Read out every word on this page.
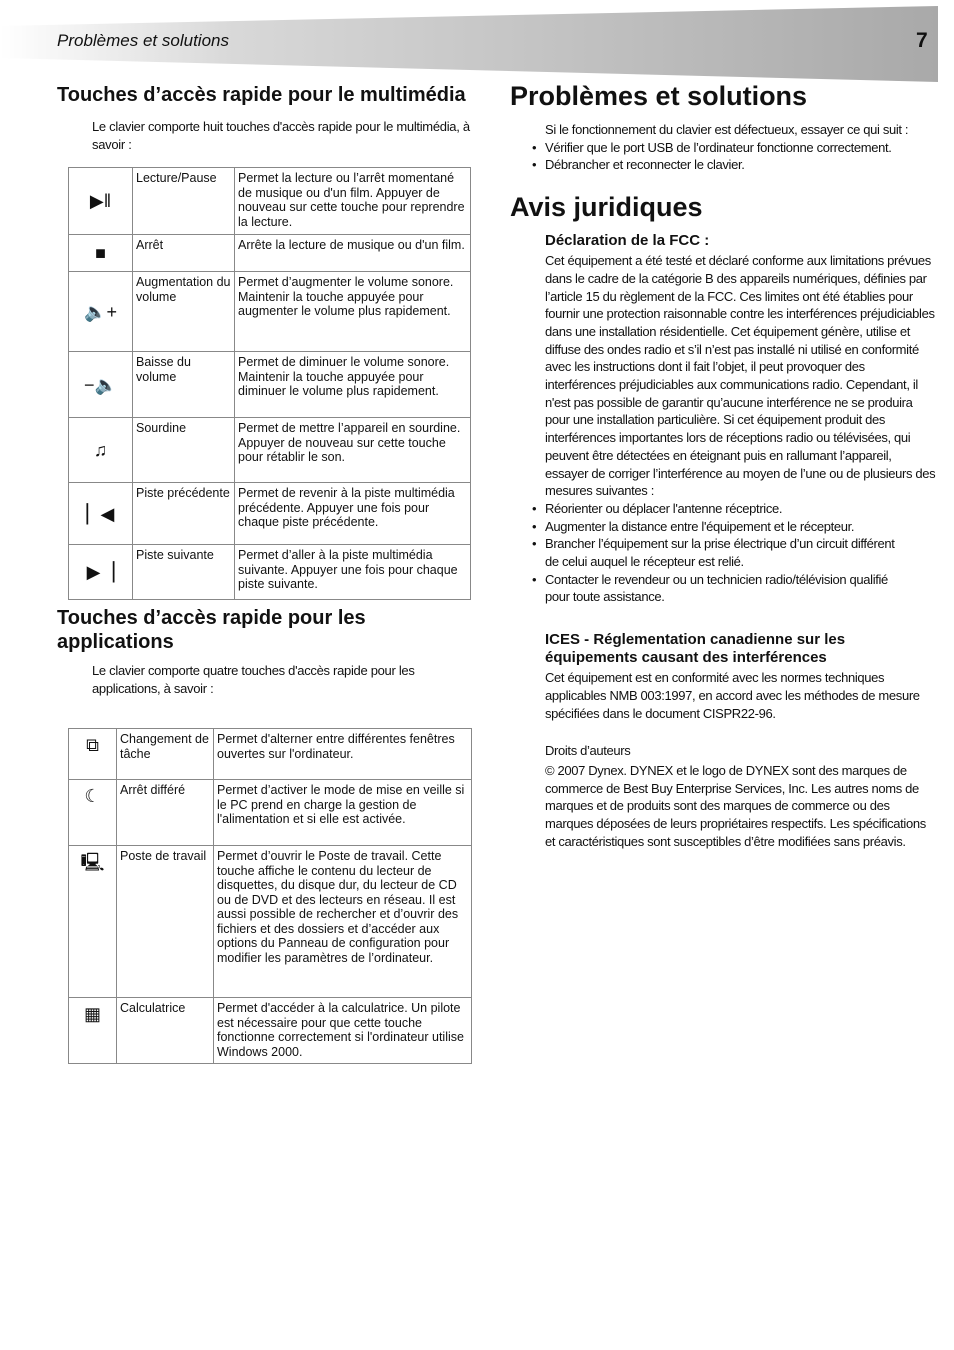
Problèmes et solutions	7
Touches d’accès rapide pour le multimédia

Le clavier comporte huit touches d'accès rapide pour le multimédia, à savoir :

▶‖	Lecture/Pause	Permet la lecture ou l’arrêt momentané de musique ou d'un film. Appuyer de nouveau sur cette touche pour reprendre la lecture.
■	Arrêt	Arrête la lecture de musique ou d'un film.
🔈+	Augmentation du volume	Permet d’augmenter le volume sonore. Maintenir la touche appuyée pour augmenter le volume plus rapidement.
−🔈	Baisse du volume	Permet de diminuer le volume sonore. Maintenir la touche appuyée pour diminuer le volume plus rapidement.
♫	Sourdine	Permet de mettre l’appareil en sourdine. Appuyer de nouveau sur cette touche pour rétablir le son.
▏◀	Piste précédente	Permet de revenir à la piste multimédia précédente. Appuyer une fois pour chaque piste précédente.
▶▕	Piste suivante	Permet d’aller à la piste multimédia suivante. Appuyer une fois pour chaque piste suivante.
Touches d’accès rapide pour les applications

Le clavier comporte quatre touches d'accès rapide pour les applications, à savoir :

⧉	Changement de tâche	Permet d'alterner entre différentes fenêtres ouvertes sur l'ordinateur.
☾	Arrêt différé	Permet d’activer le mode de mise en veille si le PC prend en charge la gestion de l'alimentation et si elle est activée.
🖳	Poste de travail	Permet d’ouvrir le Poste de travail. Cette touche affiche le contenu du lecteur de disquettes, du disque dur, du lecteur de CD ou de DVD et des lecteurs en réseau. Il est aussi possible de rechercher et d’ouvrir des fichiers et des dossiers et d’accéder aux options du Panneau de configuration pour modifier les paramètres de l’ordinateur.
▦	Calculatrice	Permet d'accéder à la calculatrice. Un pilote est nécessaire pour que cette touche fonctionne correctement si l'ordinateur utilise Windows 2000.
Problèmes et solutions

Si le fonctionnement du clavier est défectueux, essayer ce qui suit :

• Vérifier que le port USB de l’ordinateur fonctionne correctement.
• Débrancher et reconnecter le clavier.
Avis juridiques
Déclaration de la FCC :

Cet équipement a été testé et déclaré conforme aux limitations prévues dans le cadre de la catégorie B des appareils numériques, définies par l’article 15 du règlement de la FCC. Ces limites ont été établies pour fournir une protection raisonnable contre les interférences préjudiciables dans une installation résidentielle. Cet équipement génère, utilise et diffuse des ondes radio et s’il n’est pas installé ni utilisé en conformité avec les instructions dont il fait l’objet, il peut provoquer des interférences préjudiciables aux communications radio. Cependant, il n'est pas possible de garantir qu’aucune interférence ne se produira pour une installation particulière. Si cet équipement produit des interférences importantes lors de réceptions radio ou télévisées, qui peuvent être détectées en éteignant puis en rallumant l’appareil, essayer de corriger l’interférence au moyen de l’une ou de plusieurs des mesures suivantes :

• Réorienter ou déplacer l'antenne réceptrice.
• Augmenter la distance entre l'équipement et le récepteur.
• Brancher l’équipement sur la prise électrique d’un circuit différent de celui auquel le récepteur est relié.
• Contacter le revendeur ou un technicien radio/télévision qualifié pour toute assistance.
ICES - Réglementation canadienne sur les équipements causant des interférences

Cet équipement est en conformité avec les normes techniques applicables NMB 003:1997, en accord avec les méthodes de mesure spécifiées dans le document CISPR22-96.

Droits d’auteurs

© 2007 Dynex. DYNEX et le logo de DYNEX sont des marques de commerce de Best Buy Enterprise Services, Inc. Les autres noms de marques et de produits sont des marques de commerce ou des marques déposées de leurs propriétaires respectifs. Les spécifications et caractéristiques sont susceptibles d’être modifiées sans préavis.
